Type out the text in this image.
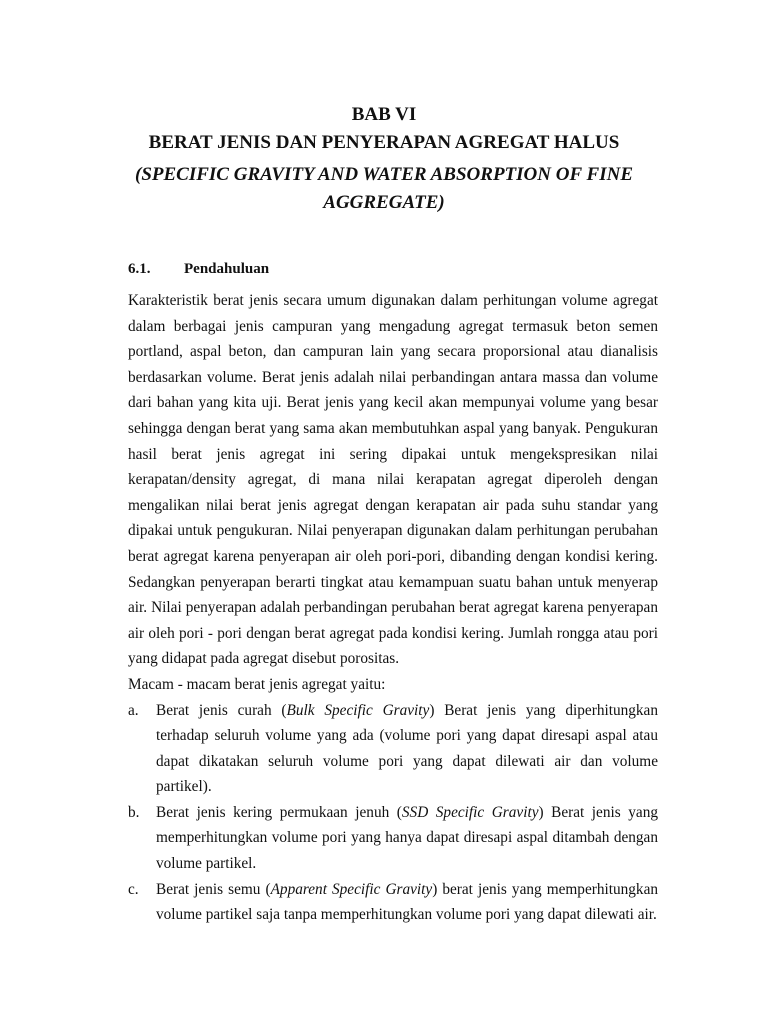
BAB VI
BERAT JENIS DAN PENYERAPAN AGREGAT HALUS
(SPECIFIC GRAVITY AND WATER ABSORPTION OF FINE
AGGREGATE)
6.1. Pendahuluan

Karakteristik berat jenis secara umum digunakan dalam perhitungan volume agregat dalam berbagai jenis campuran yang mengadung agregat termasuk beton semen portland, aspal beton, dan campuran lain yang secara proporsional atau dianalisis berdasarkan volume. Berat jenis adalah nilai perbandingan antara massa dan volume dari bahan yang kita uji. Berat jenis yang kecil akan mempunyai volume yang besar sehingga dengan berat yang sama akan membutuhkan aspal yang banyak. Pengukuran hasil berat jenis agregat ini sering dipakai untuk mengekspresikan nilai kerapatan/density agregat, di mana nilai kerapatan agregat diperoleh dengan mengalikan nilai berat jenis agregat dengan kerapatan air pada suhu standar yang dipakai untuk pengukuran. Nilai penyerapan digunakan dalam perhitungan perubahan berat agregat karena penyerapan air oleh pori-pori, dibanding dengan kondisi kering. Sedangkan penyerapan berarti tingkat atau kemampuan suatu bahan untuk menyerap air. Nilai penyerapan adalah perbandingan perubahan berat agregat karena penyerapan air oleh pori - pori dengan berat agregat pada kondisi kering. Jumlah rongga atau pori yang didapat pada agregat disebut porositas.

Macam - macam berat jenis agregat yaitu:

a.	Berat jenis curah (Bulk Specific Gravity) Berat jenis yang diperhitungkan terhadap seluruh volume yang ada (volume pori yang dapat diresapi aspal atau dapat dikatakan seluruh volume pori yang dapat dilewati air dan volume partikel).
b.	Berat jenis kering permukaan jenuh (SSD Specific Gravity) Berat jenis yang memperhitungkan volume pori yang hanya dapat diresapi aspal ditambah dengan volume partikel.
c.	Berat jenis semu (Apparent Specific Gravity) berat jenis yang memperhitungkan volume partikel saja tanpa memperhitungkan volume pori yang dapat dilewati air.
